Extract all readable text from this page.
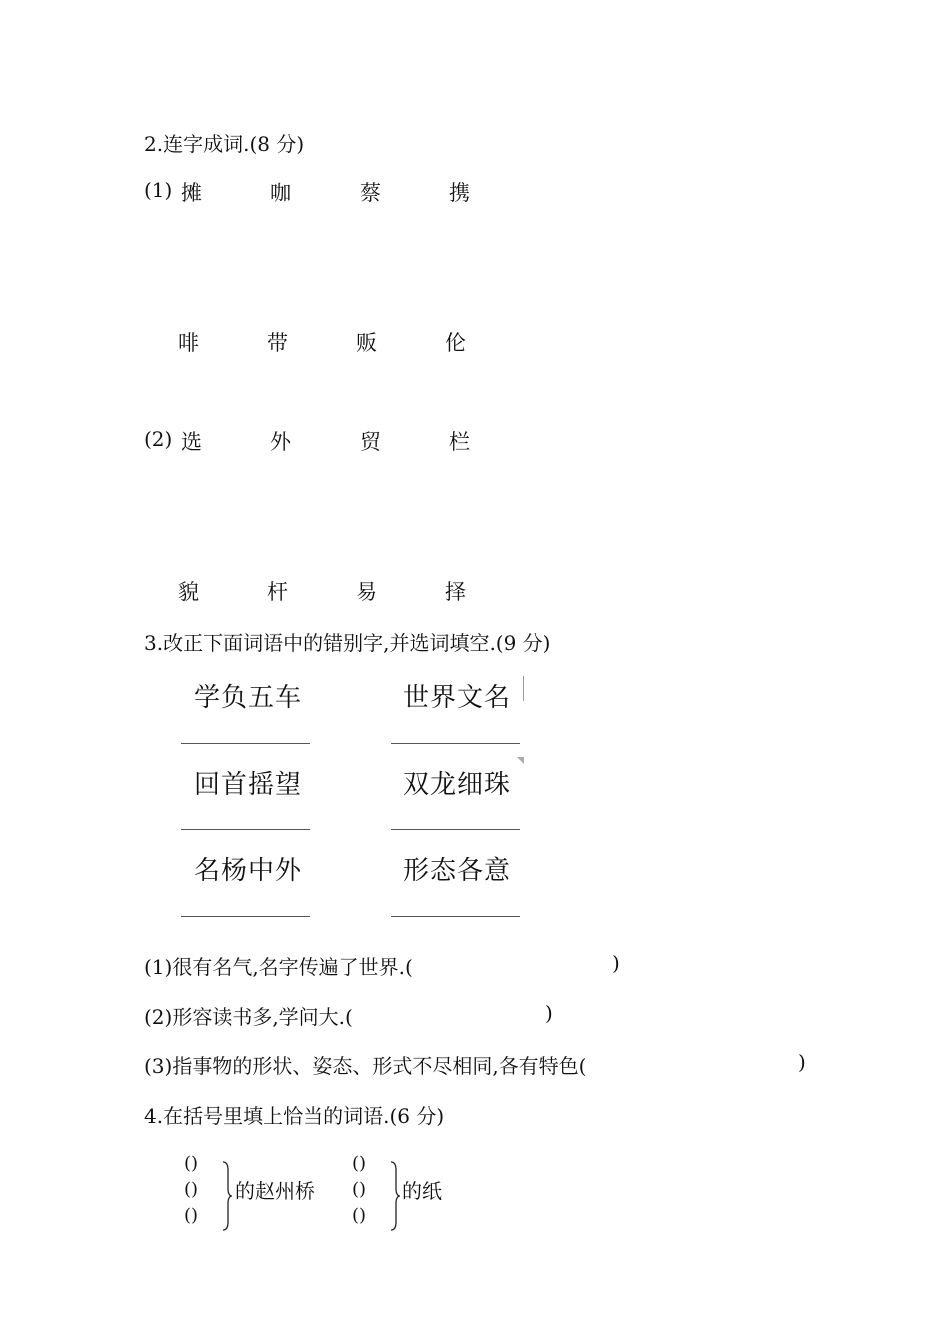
2.连字成词.(8 分)
(1) 摊	咖	蔡	携
啡	带	贩	伦
(2) 选	外	贸	栏
貌	杆	易	择
3.改正下面词语中的错别字,并选词填空.(9 分)
学负五车	世界文名
回首摇望	双龙细珠
名杨中外	形态各意
(1)很有名气,名字传遍了世界.(	)
(2)形容读书多,学问大.(	)
(3)指事物的形状、姿态、形式不尽相同,各有特色(	)
4.在括号里填上恰当的词语.(6 分)
()
()
()
的赵州桥
()
()
()
的纸
